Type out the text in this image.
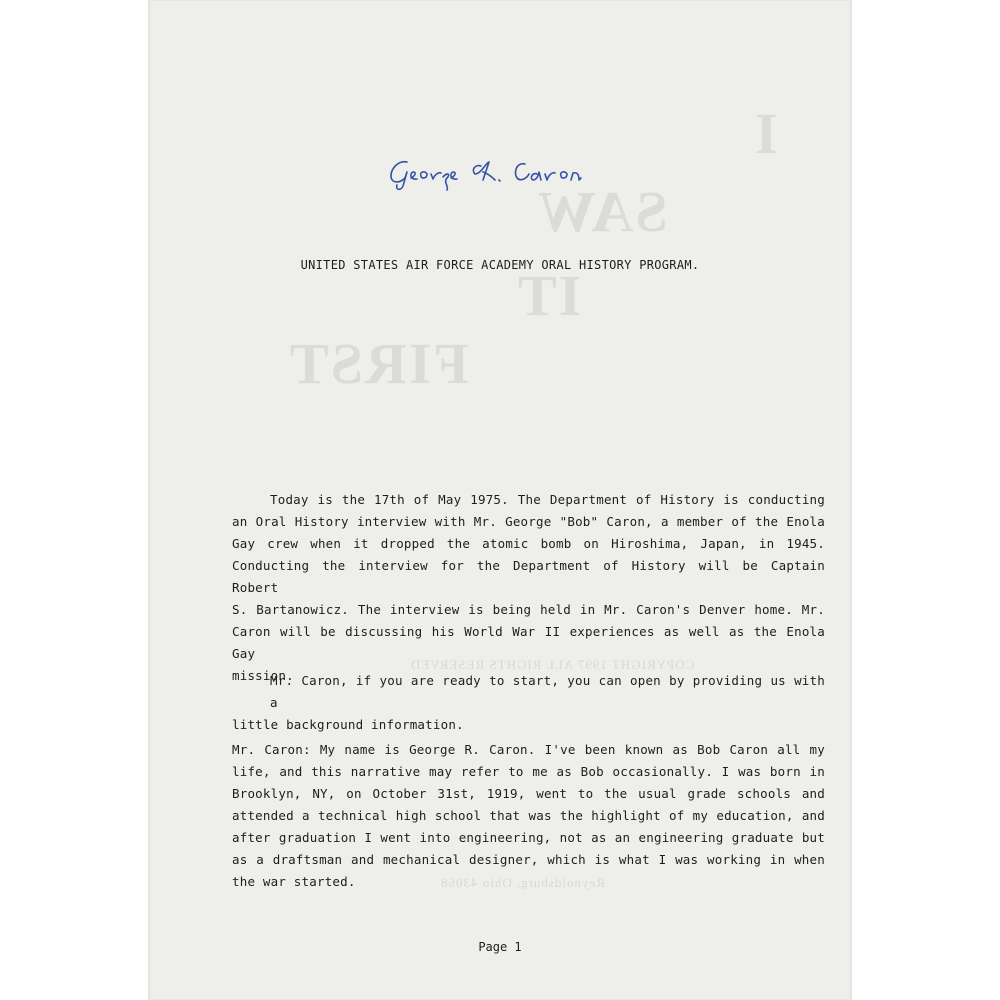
I
SAW
IT
FIRST
COPYRIGHT 1997 ALL RIGHTS RESERVED
Reynoldsburg, Ohio 43068
UNITED STATES AIR FORCE ACADEMY ORAL HISTORY PROGRAM.
Today is the 17th of May 1975. The Department of History is conducting
an Oral History interview with Mr. George "Bob" Caron, a member of the Enola
Gay crew when it dropped the atomic bomb on Hiroshima, Japan, in 1945.
Conducting the interview for the Department of History will be Captain Robert
S. Bartanowicz. The interview is being held in Mr. Caron's Denver home. Mr.
Caron will be discussing his World War II experiences as well as the Enola Gay
mission.
Mr. Caron, if you are ready to start, you can open by providing us with a
little background information.
Mr. Caron: My name is George R. Caron. I've been known as Bob Caron all my
life, and this narrative may refer to me as Bob occasionally. I was born in
Brooklyn, NY, on October 31st, 1919, went to the usual grade schools and
attended a technical high school that was the highlight of my education, and
after graduation I went into engineering, not as an engineering graduate but
as a draftsman and mechanical designer, which is what I was working in when
the war started.
Page 1
